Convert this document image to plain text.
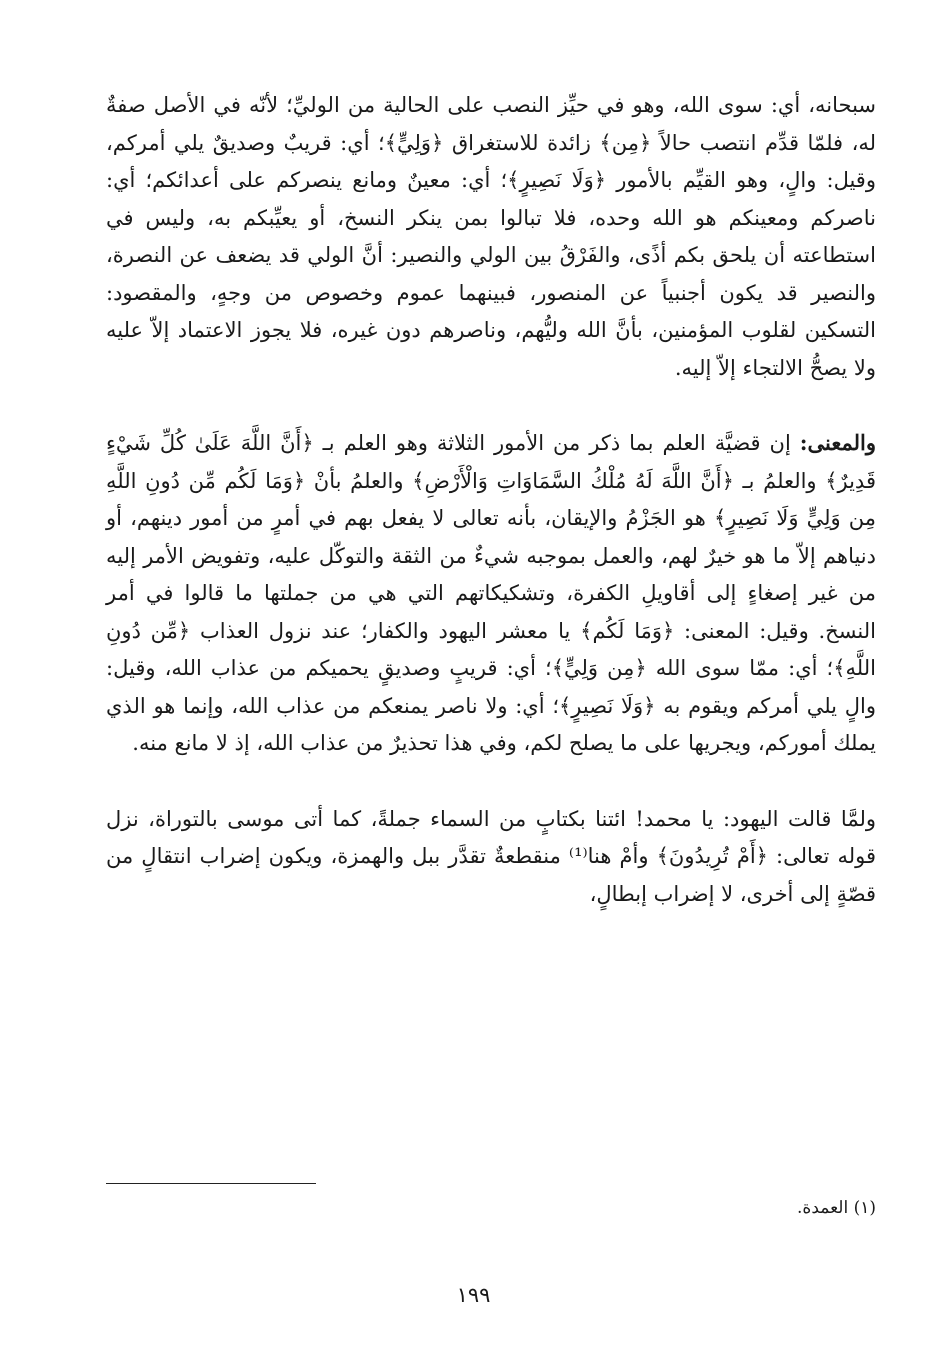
سبحانه، أي: سوى الله، وهو في حيِّز النصب على الحالية من الوليِّ؛ لأنّه في الأصل صفةٌ له، فلمّا قدِّم انتصب حالاً ﴿مِن﴾ زائدة للاستغراق ﴿وَلِيٍّ﴾؛ أي: قريبٌ وصديقٌ يلي أمركم، وقيل: والٍ، وهو القيِّم بالأمور ﴿وَلَا نَصِيرٍ﴾؛ أي: معينٌ ومانع ينصركم على أعدائكم؛ أي: ناصركم ومعينكم هو الله وحده، فلا تبالوا بمن ينكر النسخ، أو يعيِّبكم به، وليس في استطاعته أن يلحق بكم أذًى، والفَرْقُ بين الولي والنصير: أنَّ الولي قد يضعف عن النصرة، والنصير قد يكون أجنبياً عن المنصور، فبينهما عموم وخصوص من وجهٍ، والمقصود: التسكين لقلوب المؤمنين، بأنَّ الله وليُّهم، وناصرهم دون غيره، فلا يجوز الاعتماد إلاّ عليه ولا يصحُّ الالتجاء إلاّ إليه.

والمعنى: إن قضيَّة العلم بما ذكر من الأمور الثلاثة وهو العلم بـ ﴿أَنَّ اللَّهَ عَلَىٰ كُلِّ شَيْءٍ قَدِيرٌ﴾ والعلمُ بـ ﴿أَنَّ اللَّهَ لَهُ مُلْكُ السَّمَاوَاتِ وَالْأَرْضِ﴾ والعلمُ بأنْ ﴿وَمَا لَكُم مِّن دُونِ اللَّهِ مِن وَلِيٍّ وَلَا نَصِيرٍ﴾ هو الجَزْمُ والإيقان، بأنه تعالى لا يفعل بهم في أمرٍ من أمور دينهم، أو دنياهم إلاّ ما هو خيرٌ لهم، والعمل بموجبه شيءٌ من الثقة والتوكّل عليه، وتفويض الأمر إليه من غير إصغاءٍ إلى أقاويلِ الكفرة، وتشكيكاتهم التي هي من جملتها ما قالوا في أمر النسخ. وقيل: المعنى: ﴿وَمَا لَكُم﴾ يا معشر اليهود والكفار؛ عند نزول العذاب ﴿مِّن دُونِ اللَّهِ﴾؛ أي: ممّا سوى الله ﴿مِن وَلِيٍّ﴾؛ أي: قريبٍ وصديقٍ يحميكم من عذاب الله، وقيل: والٍ يلي أمركم ويقوم به ﴿وَلَا نَصِيرٍ﴾؛ أي: ولا ناصر يمنعكم من عذاب الله، وإنما هو الذي يملك أموركم، ويجريها على ما يصلح لكم، وفي هذا تحذيرٌ من عذاب الله، إذ لا مانع منه.

ولمَّا قالت اليهود: يا محمد! ائتنا بكتابٍ من السماء جملةً، كما أتى موسى بالتوراة، نزل قوله تعالى: ﴿أَمْ تُرِيدُونَ﴾ وأمْ هنا⁽¹⁾ منقطعةٌ تقدَّر ببل والهمزة، ويكون إضراب انتقالٍ من قصّةٍ إلى أخرى، لا إضراب إبطالٍ،

(١) العمدة.
١٩٩
